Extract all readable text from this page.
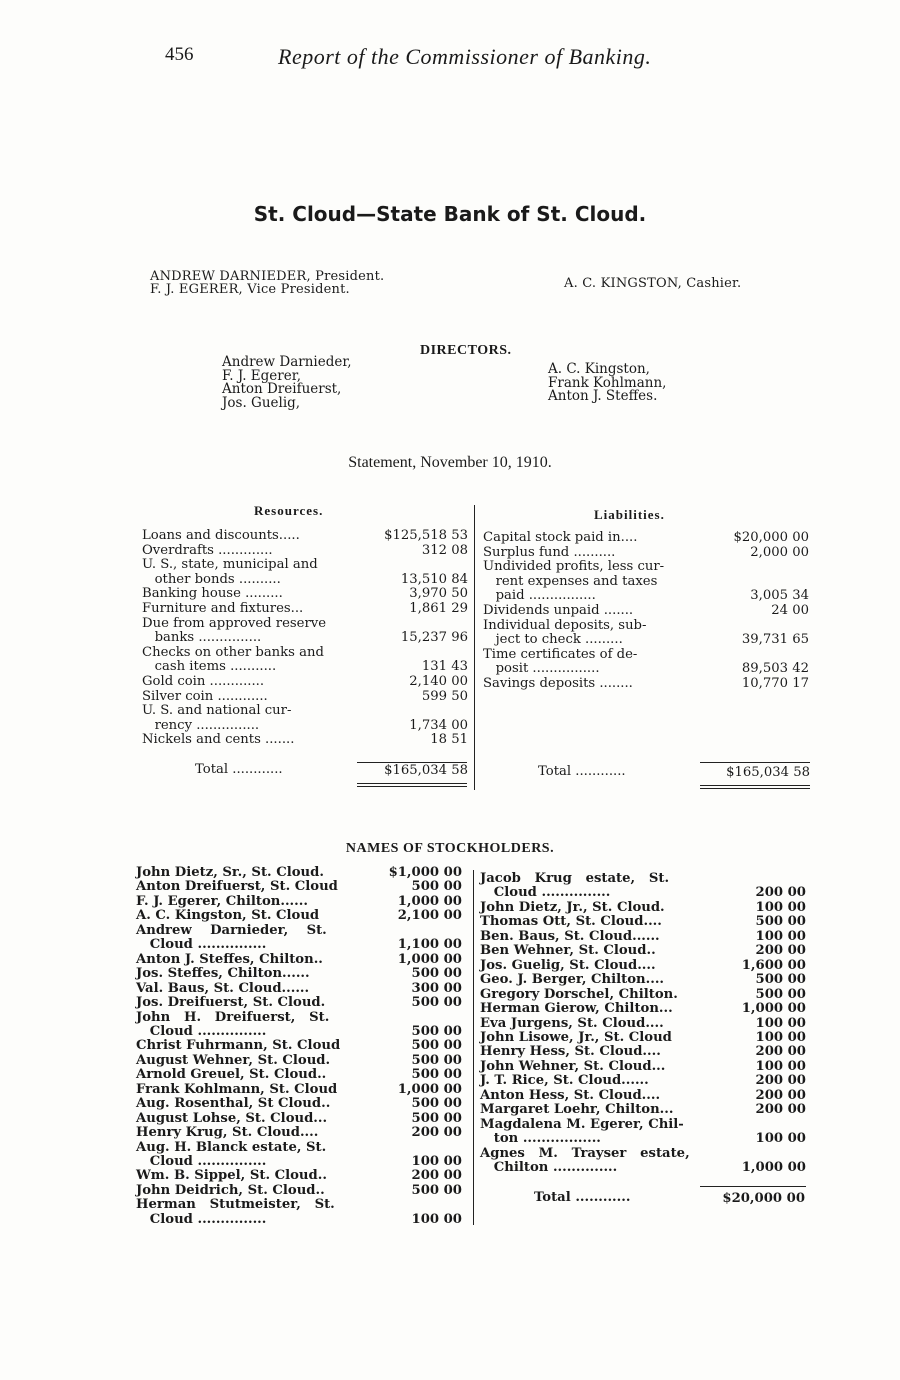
456	Report of the Commissioner of Banking.
St. Cloud—State Bank of St. Cloud.
ANDREW DARNIEDER, President.
F. J. EGERER, Vice President.	A. C. KINGSTON, Cashier.
DIRECTORS.
Andrew Darnieder,
F. J. Egerer,
Anton Dreifuerst,
Jos. Guelig,
A. C. Kingston,
Frank Kohlmann,
Anton J. Steffes.
Statement, November 10, 1910.
Resources.	Liabilities.
Loans and discounts.....	$125,518 53
Overdrafts .............	312 08
U. S., state, municipal and
other bonds ..........	13,510 84
Banking house .........	3,970 50
Furniture and fixtures...	1,861 29
Due from approved reserve
banks ...............	15,237 96
Checks on other banks and
cash items ...........	131 43
Gold coin .............	2,140 00
Silver coin ............	599 50
U. S. and national cur-
rency ...............	1,734 00
Nickels and cents .......	18 51
Capital stock paid in....	$20,000 00
Surplus fund ..........	2,000 00
Undivided profits, less cur-
rent expenses and taxes
paid ................	3,005 34
Dividends unpaid .......	24 00
Individual deposits, sub-
ject to check .........	39,731 65
Time certificates of de-
posit ................	89,503 42
Savings deposits ........	10,770 17
Total ............	$165,034 58	Total ............	$165,034 58
NAMES OF STOCKHOLDERS.
John Dietz, Sr., St. Cloud.	$1,000 00
Anton Dreifuerst, St. Cloud	500 00
F. J. Egerer, Chilton......	1,000 00
A. C. Kingston, St. Cloud	2,100 00
Andrew    Darnieder,    St.
Cloud ...............	1,100 00
Anton J. Steffes, Chilton..	1,000 00
Jos. Steffes, Chilton......	500 00
Val. Baus, St. Cloud......	300 00
Jos. Dreifuerst, St. Cloud.	500 00
John   H.   Dreifuerst,   St.
Cloud ...............	500 00
Christ Fuhrmann, St. Cloud	500 00
August Wehner, St. Cloud.	500 00
Arnold Greuel, St. Cloud..	500 00
Frank Kohlmann, St. Cloud	1,000 00
Aug. Rosenthal, St Cloud..	500 00
August Lohse, St. Cloud...	500 00
Henry Krug, St. Cloud....	200 00
Aug. H. Blanck estate, St.
Cloud ...............	100 00
Wm. B. Sippel, St. Cloud..	200 00
John Deidrich, St. Cloud..	500 00
Herman   Stutmeister,   St.
Cloud ...............	100 00
Jacob   Krug   estate,   St.
Cloud ...............	200 00
John Dietz, Jr., St. Cloud.	100 00
Thomas Ott, St. Cloud....	500 00
Ben. Baus, St. Cloud......	100 00
Ben Wehner, St. Cloud..	200 00
Jos. Guelig, St. Cloud....	1,600 00
Geo. J. Berger, Chilton....	500 00
Gregory Dorschel, Chilton.	500 00
Herman Gierow, Chilton...	1,000 00
Eva Jurgens, St. Cloud....	100 00
John Lisowe, Jr., St. Cloud	100 00
Henry Hess, St. Cloud....	200 00
John Wehner, St. Cloud...	100 00
J. T. Rice, St. Cloud......	200 00
Anton Hess, St. Cloud....	200 00
Margaret Loehr, Chilton...	200 00
Magdalena M. Egerer, Chil-
ton .................	100 00
Agnes   M.   Trayser   estate,
Chilton ..............	1,000 00
Total ............	$20,000 00
